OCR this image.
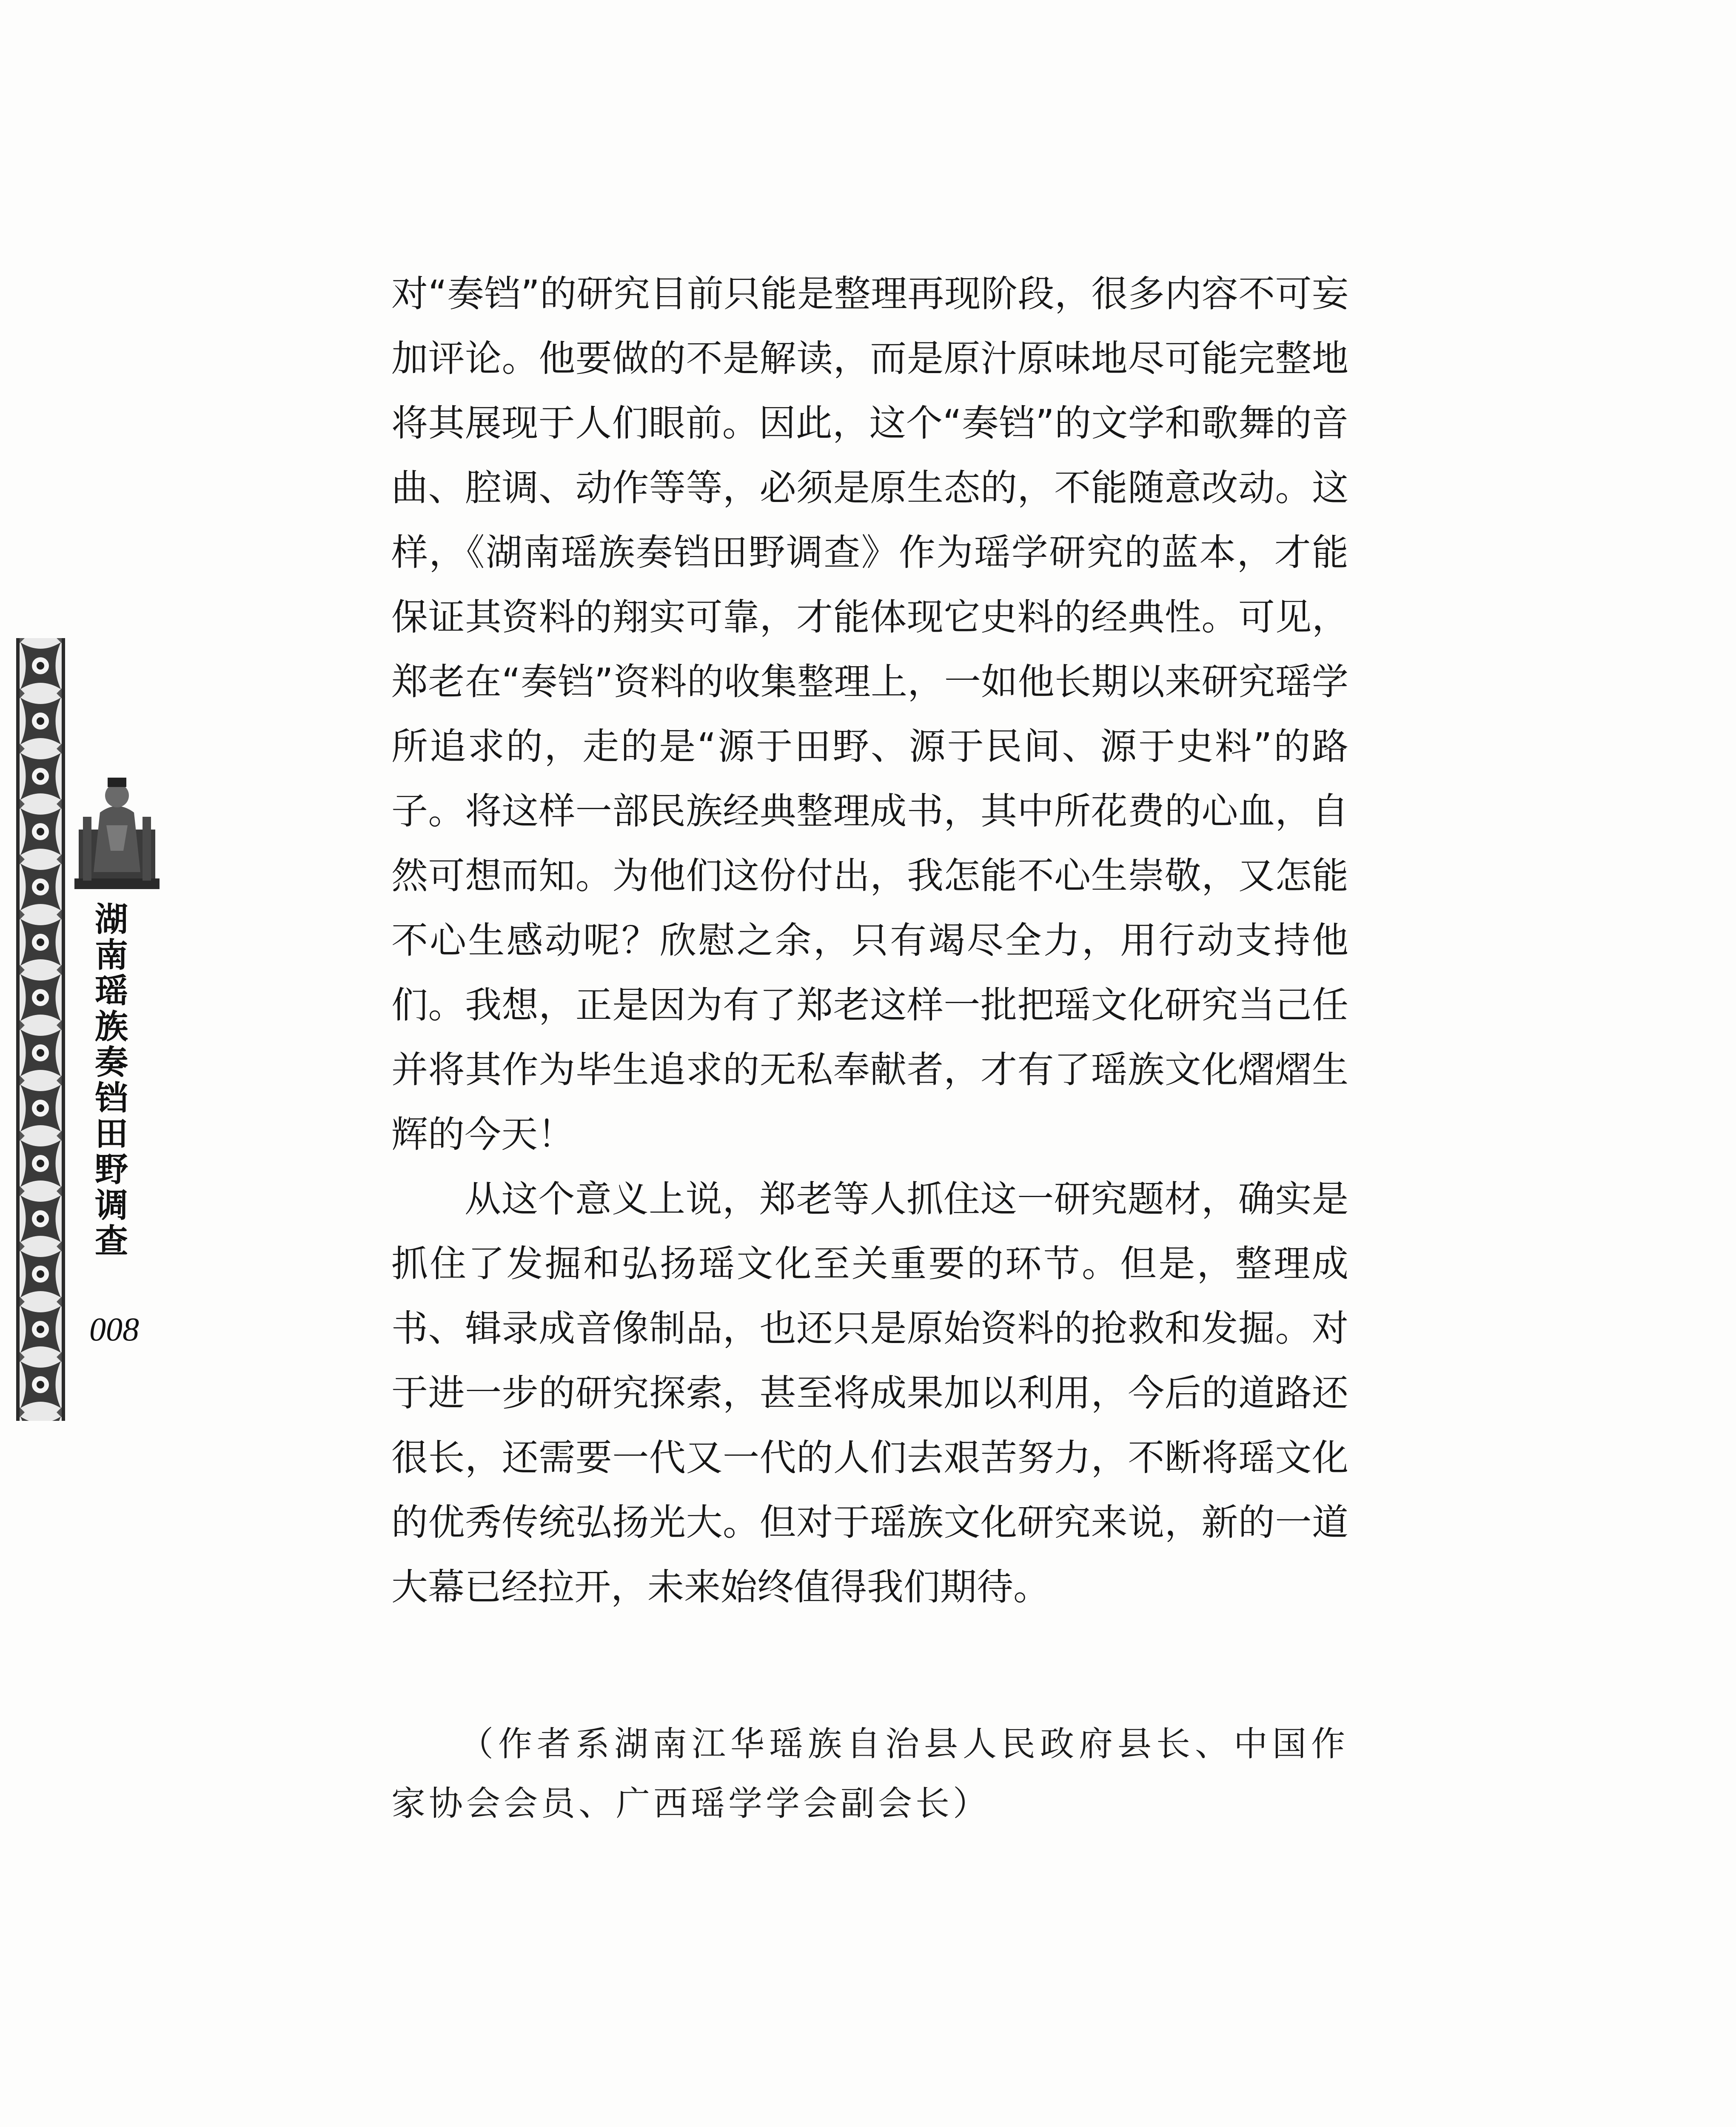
湖南瑶族奏铛田野调查
008

对“奏铛”的研究目前只能是整理再现阶段，很多内容不可妄加评论。他要做的不是解读，而是原汁原味地尽可能完整地将其展现于人们眼前。因此，这个“奏铛”的文学和歌舞的音曲、腔调、动作等等，必须是原生态的，不能随意改动。这样，《湖南瑶族奏铛田野调查》作为瑶学研究的蓝本，才能保证其资料的翔实可靠，才能体现它史料的经典性。可见，郑老在“奏铛”资料的收集整理上，一如他长期以来研究瑶学所追求的，走的是“源于田野、源于民间、源于史料”的路子。将这样一部民族经典整理成书，其中所花费的心血，自然可想而知。为他们这份付出，我怎能不心生崇敬，又怎能不心生感动呢？欣慰之余，只有竭尽全力，用行动支持他们。我想，正是因为有了郑老这样一批把瑶文化研究当己任并将其作为毕生追求的无私奉献者，才有了瑶族文化熠熠生辉的今天！

从这个意义上说，郑老等人抓住这一研究题材，确实是抓住了发掘和弘扬瑶文化至关重要的环节。但是，整理成书、辑录成音像制品，也还只是原始资料的抢救和发掘。对于进一步的研究探索，甚至将成果加以利用，今后的道路还很长，还需要一代又一代的人们去艰苦努力，不断将瑶文化的优秀传统弘扬光大。但对于瑶族文化研究来说，新的一道大幕已经拉开，未来始终值得我们期待。

（作者系湖南江华瑶族自治县人民政府县长、中国作家协会会员、广西瑶学学会副会长）
